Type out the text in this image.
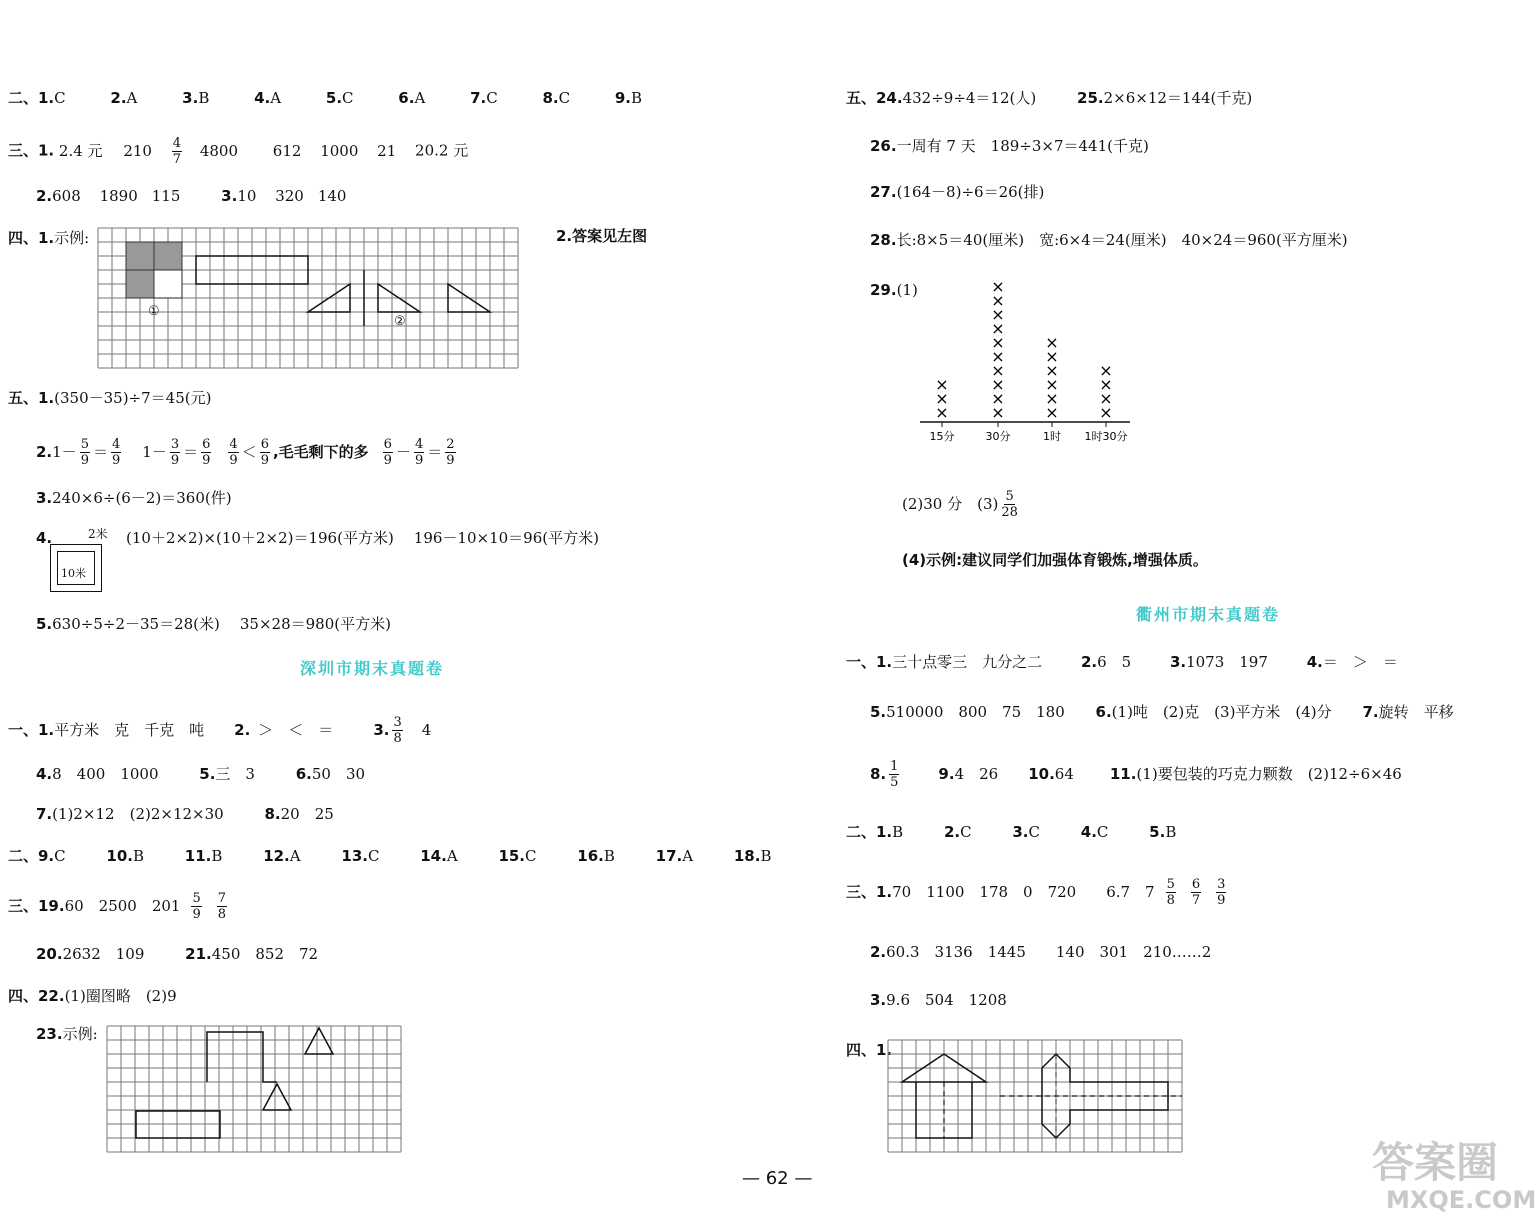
二、1.C	2.A	3.B	4.A	5.C	6.A	7.C	8.C	9.B
三、1. 2.4 元 $210 \frac{4}{7} 4800$ 612 1000 21 20.2 元
2.608 1890 115	3.10 320 140
四、1.示例:	2.答案见左图
①
②
五、1.(350－35)÷7＝45(元)
2. $1- \frac{5}{9} = \frac{4}{9} 1- \frac{3}{9} = \frac{6}{9} \frac{4}{9} < \frac{6}{9}$ ,毛毛剩下的多 $\frac{6}{9} - \frac{4}{9} = \frac{2}{9}$
3.240×6÷(6－2)＝360(件)
4.	2米
10米
(10＋2×2)×(10＋2×2)＝196(平方米) 196－10×10＝96(平方米)
5.630÷5÷2－35＝28(米) 35×28＝980(平方米)
深圳市期末真题卷
一、1. 平方米　克　千克　吨 2. ＞　＜　＝	3. $\frac{3}{8} 4$
4.8　400　1000	5.三　3	6.50　30
7.(1)2×12　(2)2×12×30	8.20　25
二、9.C	10.B	11.B	12.A	13.C	14.A	15.C	16.B	17.A	18.B
三、19. 60　2500　$201 \frac{5}{9} \frac{7}{8}$
20.2632　109	21.450　852　72
四、22.(1)圈图略　(2)9
23.示例:
五、24.432÷9÷4＝12(人)	25.2×6×12＝144(千克)
26.一周有 7 天　189÷3×7＝441(千克)
27.(164－8)÷6＝26(排)
28.长:8×5＝40(厘米)　宽:6×4＝24(厘米)　40×24＝960(平方厘米)
29.(1)
15分
×
×
×
30分
×
×
×
×
×
×
×
×
×
×
1时
×
×
×
×
×
×
1时30分
×
×
×
×
(2)30 分　$(3) \frac{5}{28}$
(4)示例:建议同学们加强体育锻炼,增强体质。
衢州市期末真题卷
一、1.三十点零三　九分之二	2.6　5	3.1073　197	4.＝　＞　＝
5.510000　800　75　180 6.(1)吨　(2)克　(3)平方米　(4)分 7.旋转　平移
8. $\frac{1}{5}$	9. 4　26 10. 64 11. (1)要包装的巧克力颗数　(2)12÷6×46
二、1.B	2.C	3.C	4.C	5.B
三、1. 70　1100　178　0　720　　6.7　$7 \frac{5}{8} \frac{6}{7} \frac{3}{9}$
2.60.3　3136　1445　　140　301　210……2
3.9.6　504　1208
四、1.
— 62 —	答案圈
MXQE.COM
